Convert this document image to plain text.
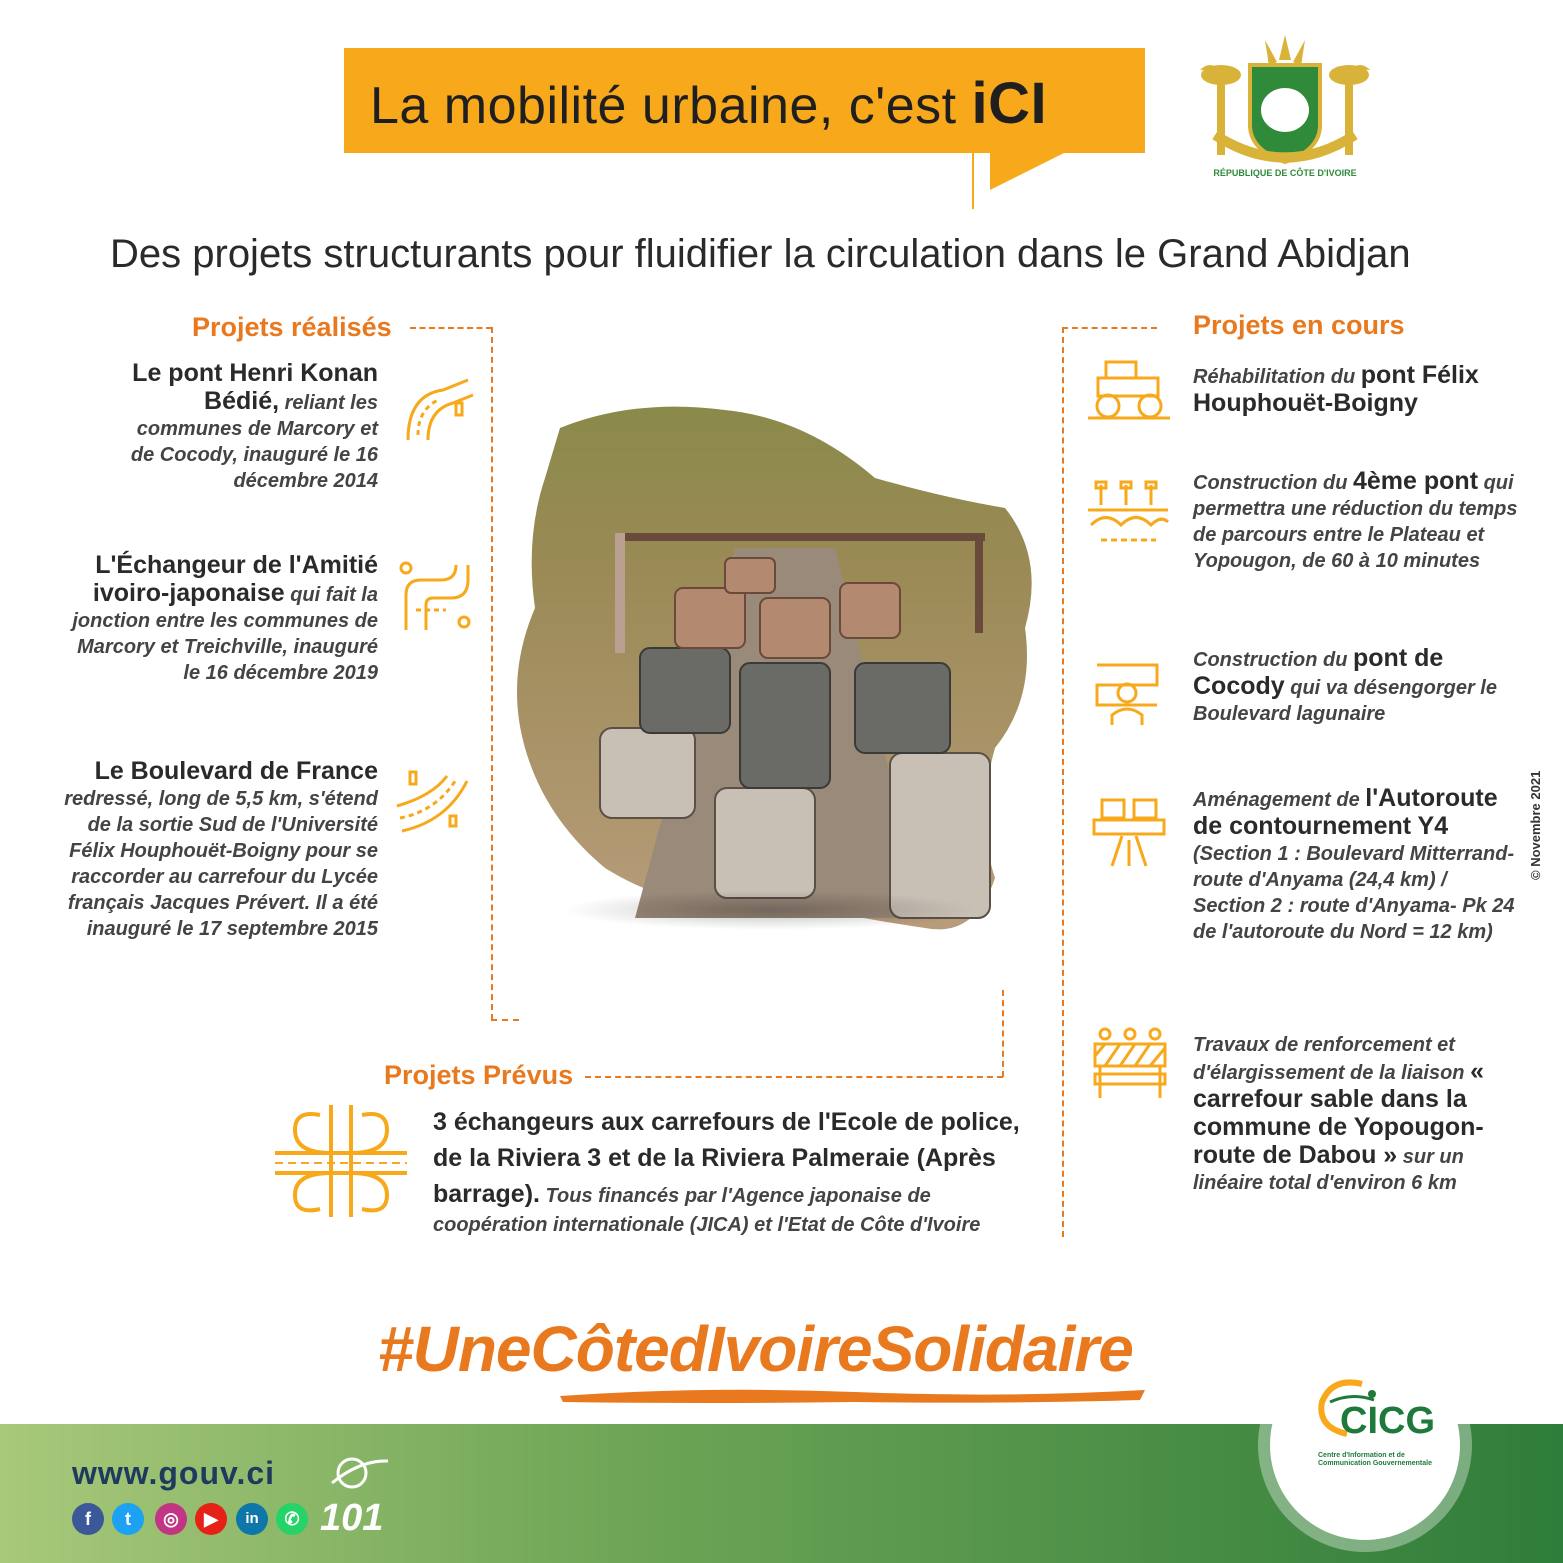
La mobilité urbaine, c'est iCI
RÉPUBLIQUE DE CÔTE D'IVOIRE
Des projets structurants pour fluidifier la circulation dans le Grand Abidjan
Projets réalisés
Le pont Henri Konan Bédié, reliant les communes de Marcory et de Cocody, inauguré le 16 décembre 2014
L'Échangeur de l'Amitié ivoiro-japonaise qui fait la jonction entre les communes de Marcory et Treichville, inauguré le 16 décembre 2019
Le Boulevard de France redressé, long de 5,5 km, s'étend de la sortie Sud de l'Université Félix Houphouët-Boigny pour se raccorder au carrefour du Lycée français Jacques Prévert. Il a été inauguré le 17 septembre 2015
Projets en cours
Réhabilitation du pont Félix Houphouët-Boigny
Construction du 4ème pont qui permettra une réduction du temps de parcours entre le Plateau et Yopougon, de 60 à 10 minutes
Construction du pont de Cocody qui va désengorger le Boulevard lagunaire
Aménagement de l'Autoroute de contournement Y4 (Section 1 : Boulevard Mitterrand-route d'Anyama (24,4 km) / Section 2 : route d'Anyama- Pk 24 de l'autoroute du Nord = 12 km)
Travaux de renforcement et d'élargissement de la liaison « carrefour sable dans la commune de Yopougon-route de Dabou » sur un linéaire total d'environ 6 km
Projets Prévus
3 échangeurs aux carrefours de l'Ecole de police, de la Riviera 3 et de la Riviera Palmeraie (Après barrage). Tous financés par l'Agence japonaise de coopération internationale (JICA) et l'Etat de Côte d'Ivoire
© Novembre 2021
#UneCôtedIvoireSolidaire
www.gouv.ci
f	t	◎	▶	in	✆ 101
CICG
Centre d'Information et de Communication Gouvernementale
